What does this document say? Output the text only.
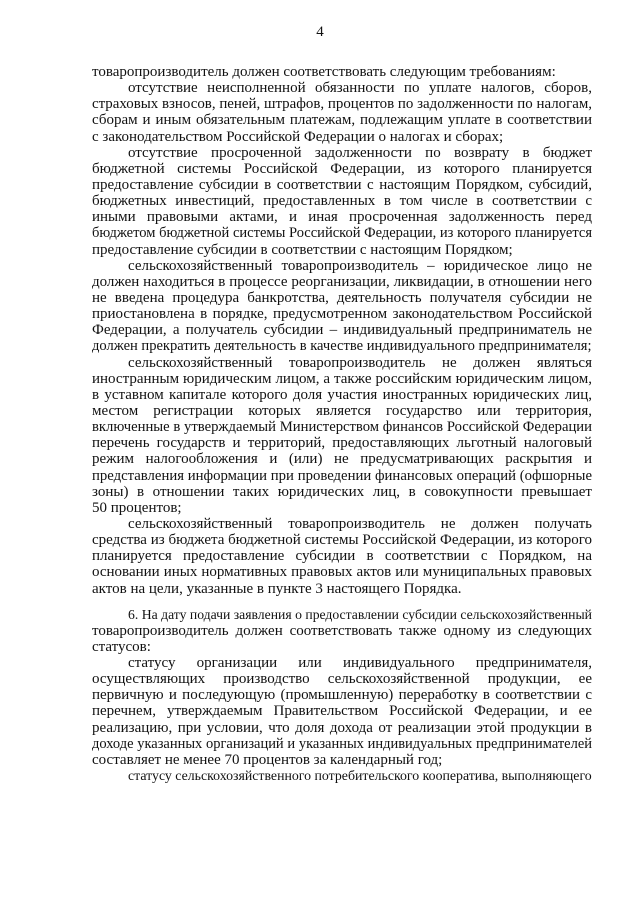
4
товаропроизводитель должен соответствовать следующим требованиям:
отсутствие неисполненной обязанности по уплате налогов, сборов,
страховых взносов, пеней, штрафов, процентов по задолженности по налогам,
сборам и иным обязательным платежам, подлежащим уплате в соответствии
с законодательством Российской Федерации о налогах и сборах;
отсутствие просроченной задолженности по возврату в бюджет
бюджетной системы Российской Федерации, из которого планируется
предоставление субсидии в соответствии с настоящим Порядком, субсидий,
бюджетных инвестиций, предоставленных в том числе в соответствии с
иными правовыми актами, и иная просроченная задолженность перед
бюджетом бюджетной системы Российской Федерации, из которого планируется
предоставление субсидии в соответствии с настоящим Порядком;
сельскохозяйственный товаропроизводитель – юридическое лицо не
должен находиться в процессе реорганизации, ликвидации, в отношении него
не введена процедура банкротства, деятельность получателя субсидии не
приостановлена в порядке, предусмотренном законодательством Российской
Федерации, а получатель субсидии – индивидуальный предприниматель не
должен прекратить деятельность в качестве индивидуального предпринимателя;
сельскохозяйственный товаропроизводитель не должен являться
иностранным юридическим лицом, а также российским юридическим лицом,
в уставном капитале которого доля участия иностранных юридических лиц,
местом регистрации которых является государство или территория,
включенные в утверждаемый Министерством финансов Российской Федерации
перечень государств и территорий, предоставляющих льготный налоговый
режим налогообложения и (или) не предусматривающих раскрытия и
представления информации при проведении финансовых операций (офшорные
зоны) в отношении таких юридических лиц, в совокупности превышает
50 процентов;
сельскохозяйственный товаропроизводитель не должен получать
средства из бюджета бюджетной системы Российской Федерации, из которого
планируется предоставление субсидии в соответствии с Порядком, на
основании иных нормативных правовых актов или муниципальных правовых
актов на цели, указанные в пункте 3 настоящего Порядка.
6. На дату подачи заявления о предоставлении субсидии сельскохозяйственный
товаропроизводитель должен соответствовать также одному из следующих
статусов:
статусу организации или индивидуального предпринимателя,
осуществляющих производство сельскохозяйственной продукции, ее
первичную и последующую (промышленную) переработку в соответствии с
перечнем, утверждаемым Правительством Российской Федерации, и ее
реализацию, при условии, что доля дохода от реализации этой продукции в
доходе указанных организаций и указанных индивидуальных предпринимателей
составляет не менее 70 процентов за календарный год;
статусу сельскохозяйственного потребительского кооператива, выполняющего
